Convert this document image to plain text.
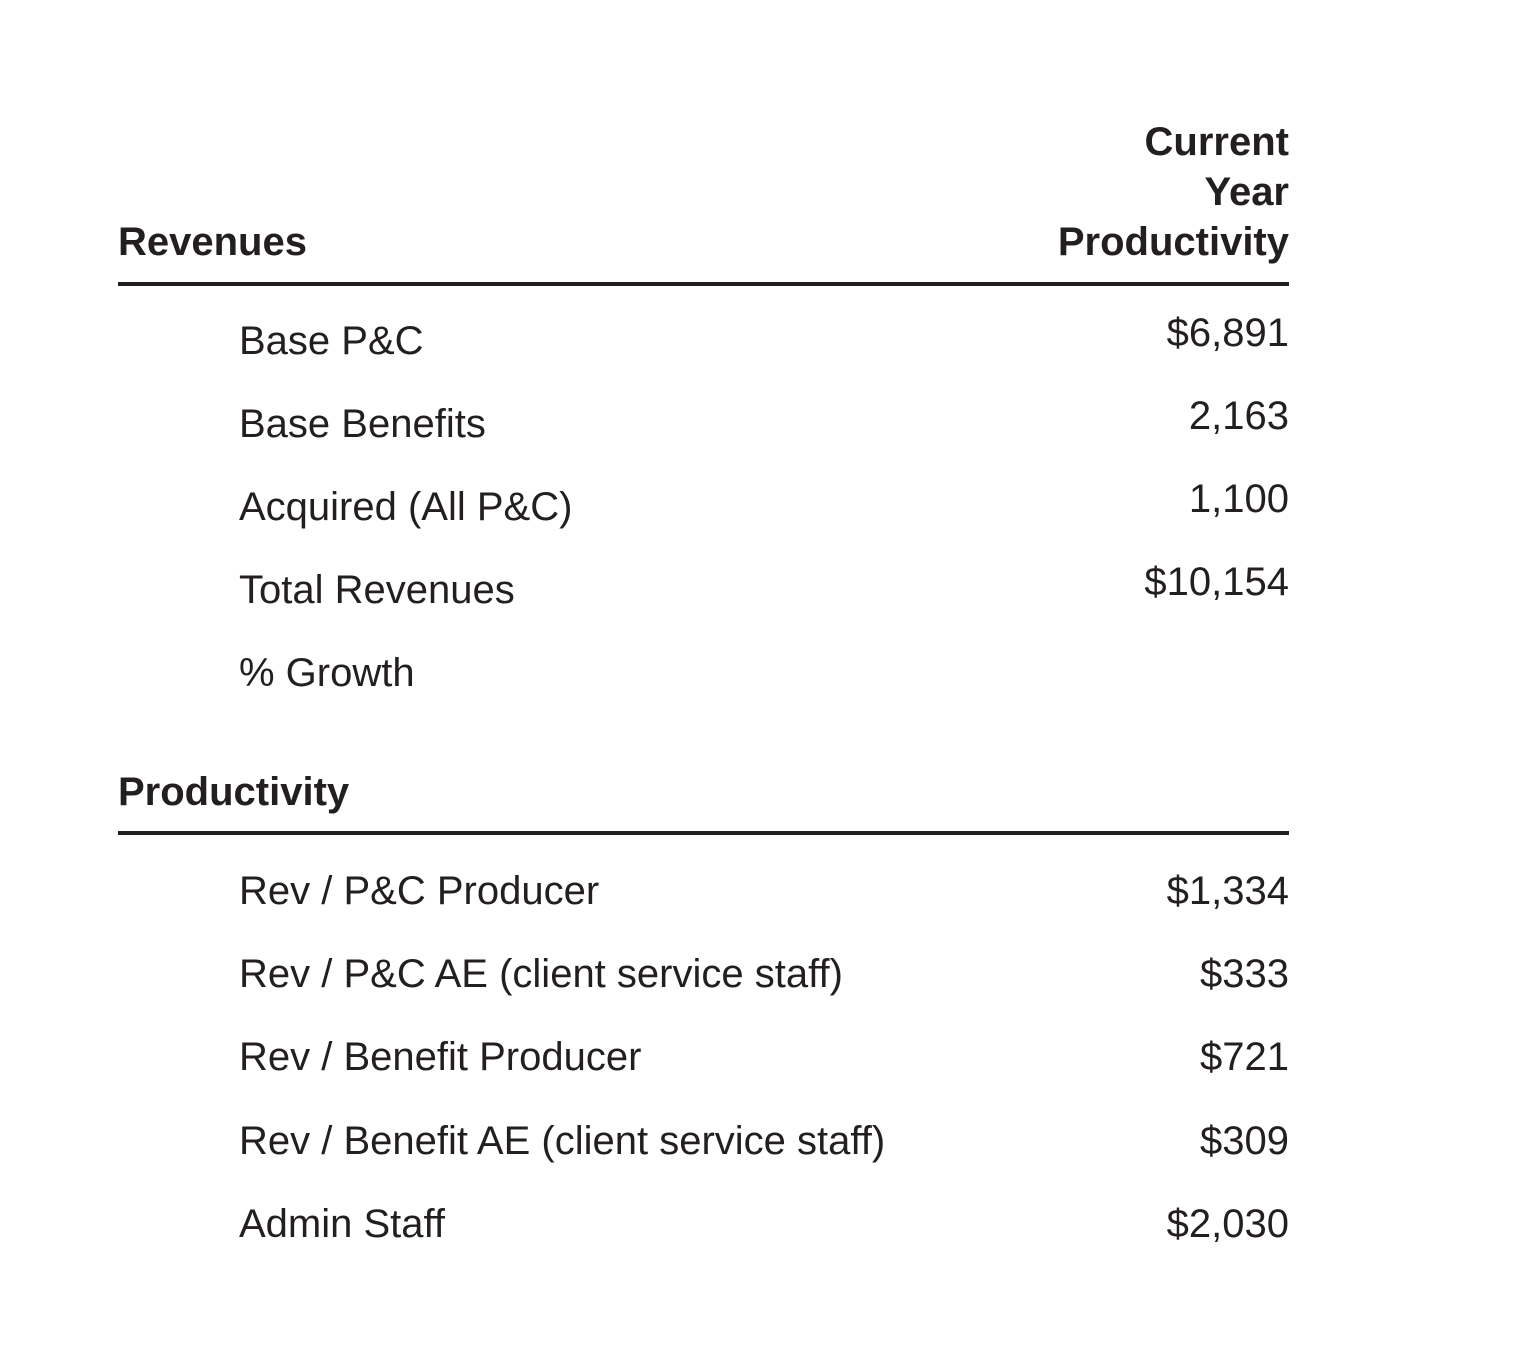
Current
Year
Productivity
Revenues
Base P&C	$6,891
Base Benefits	2,163
Acquired (All P&C)	1,100
Total Revenues	$10,154
% Growth
Productivity
Rev / P&C Producer	$1,334
Rev / P&C AE (client service staff)	$333
Rev / Benefit Producer	$721
Rev / Benefit AE (client service staff)	$309
Admin Staff	$2,030
